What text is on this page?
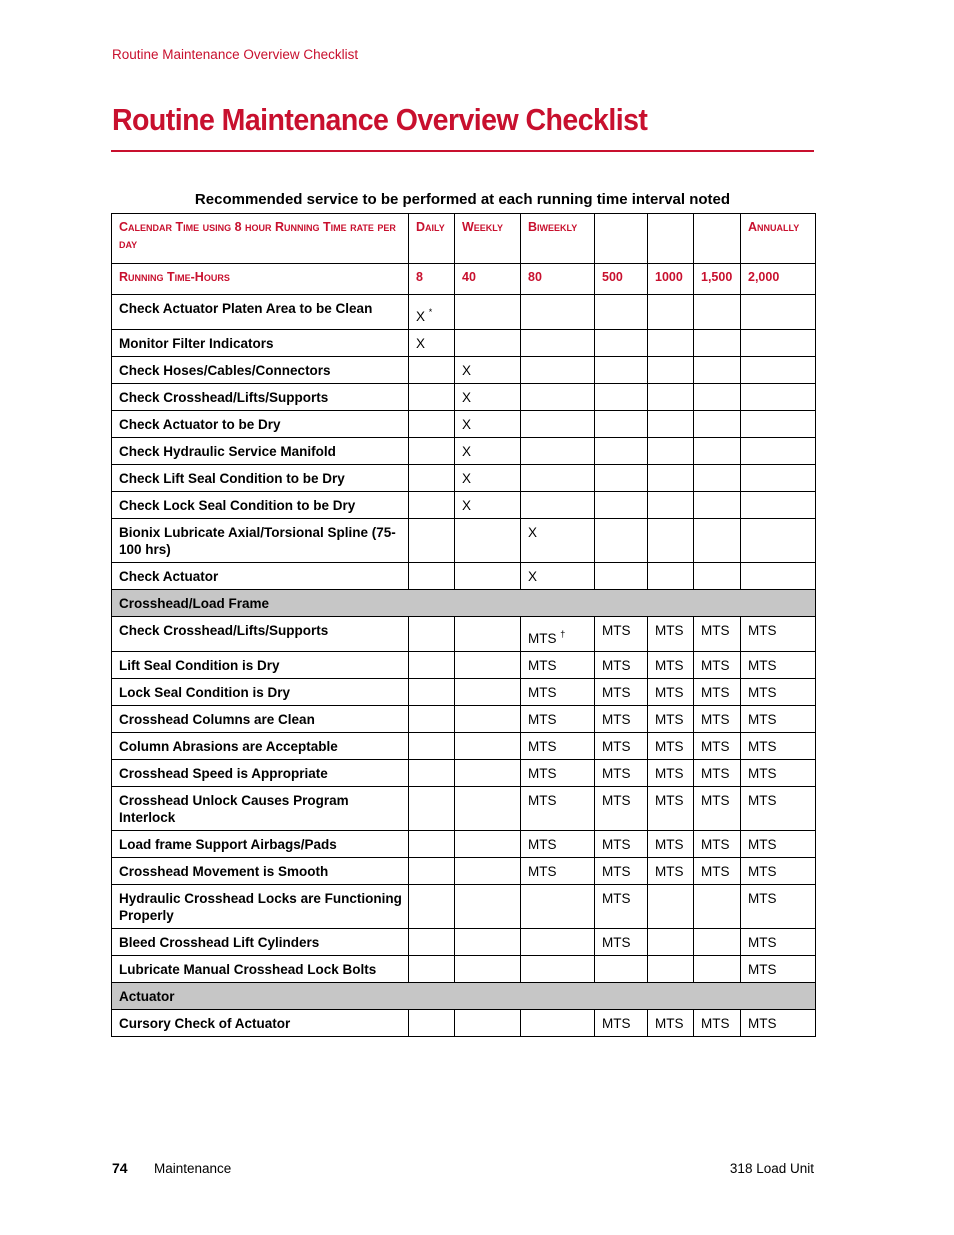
Routine Maintenance Overview Checklist
Routine Maintenance Overview Checklist
Recommended service to be performed at each running time interval noted
Calendar Time using 8 hour Running Time rate per day	Daily	Weekly	Biweekly				Annually
Running Time-Hours	8	40	80	500	1000	1,500	2,000
Check Actuator Platen Area to be Clean	X *						
Monitor Filter Indicators	X						
Check Hoses/Cables/Connectors		X					
Check Crosshead/Lifts/Supports		X					
Check Actuator to be Dry		X					
Check Hydraulic Service Manifold		X					
Check Lift Seal Condition to be Dry		X					
Check Lock Seal Condition to be Dry		X					
Bionix Lubricate Axial/Torsional Spline (75-100 hrs)			X				
Check Actuator			X				
Crosshead/Load Frame							
Check Crosshead/Lifts/Supports			MTS †	MTS	MTS	MTS	MTS
Lift Seal Condition is Dry			MTS	MTS	MTS	MTS	MTS
Lock Seal Condition is Dry			MTS	MTS	MTS	MTS	MTS
Crosshead Columns are Clean			MTS	MTS	MTS	MTS	MTS
Column Abrasions are Acceptable			MTS	MTS	MTS	MTS	MTS
Crosshead Speed is Appropriate			MTS	MTS	MTS	MTS	MTS
Crosshead Unlock Causes Program Interlock			MTS	MTS	MTS	MTS	MTS
Load frame Support Airbags/Pads			MTS	MTS	MTS	MTS	MTS
Crosshead Movement is Smooth			MTS	MTS	MTS	MTS	MTS
Hydraulic Crosshead Locks are Functioning Properly				MTS			MTS
Bleed Crosshead Lift Cylinders				MTS			MTS
Lubricate Manual Crosshead Lock Bolts							MTS
Actuator							
Cursory Check of Actuator				MTS	MTS	MTS	MTS
74 Maintenance	318 Load Unit
